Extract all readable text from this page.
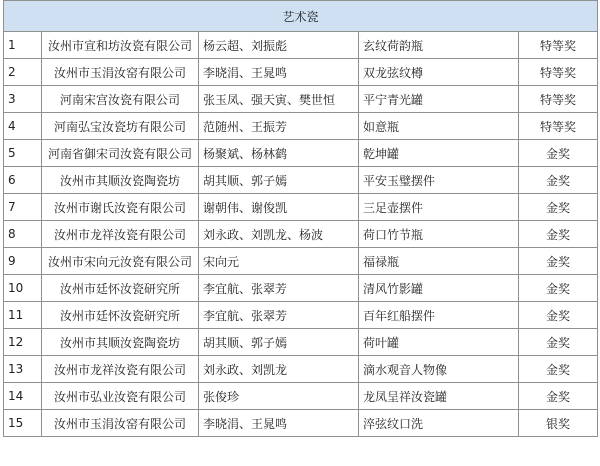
艺术瓷				
1	汝州市宣和坊汝瓷有限公司	杨云超、刘振彪	玄纹荷韵瓶	特等奖
2	汝州市玉涓汝窑有限公司	李晓涓、王晁鸣	双龙弦纹樽	特等奖
3	河南宋宫汝瓷有限公司	张玉凤、强天寅、樊世恒	平宁青光罐	特等奖
4	河南弘宝汝瓷坊有限公司	范随州、王振芳	如意瓶	特等奖
5	河南省御宋司汝瓷有限公司	杨聚斌、杨林鹤	乾坤罐	金奖
6	汝州市其顺汝瓷陶瓷坊	胡其顺、郭子嫣	平安玉璧摆件	金奖
7	汝州市谢氏汝瓷有限公司	谢朝伟、谢俊凯	三足壶摆件	金奖
8	汝州市龙祥汝瓷有限公司	刘永政、刘凯龙、杨波	荷口竹节瓶	金奖
9	汝州市宋向元汝瓷有限公司	宋向元	福禄瓶	金奖
10	汝州市廷怀汝瓷研究所	李宜航、张翠芳	清风竹影罐	金奖
11	汝州市廷怀汝瓷研究所	李宜航、张翠芳	百年红船摆件	金奖
12	汝州市其顺汝瓷陶瓷坊	胡其顺、郭子嫣	荷叶罐	金奖
13	汝州市龙祥汝瓷有限公司	刘永政、刘凯龙	滴水观音人物像	金奖
14	汝州市弘业汝瓷有限公司	张俊珍	龙凤呈祥汝瓷罐	金奖
15	汝州市玉涓汝窑有限公司	李晓涓、王晁鸣	淬弦纹口洗	银奖
